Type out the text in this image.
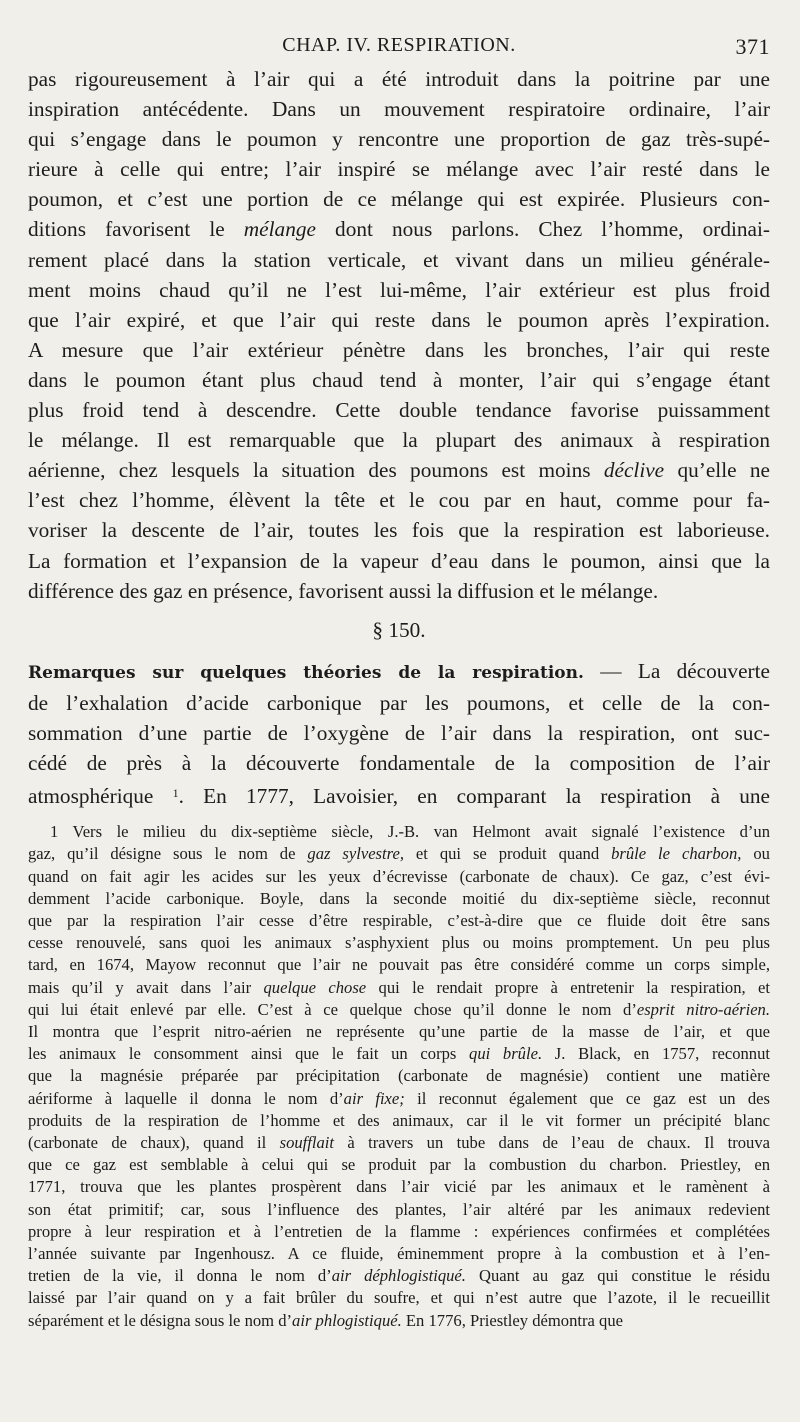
CHAP. IV. RESPIRATION.	371
pas rigoureusement à l’air qui a été introduit dans la poitrine par une
inspiration antécédente. Dans un mouvement respiratoire ordinaire, l’air
qui s’engage dans le poumon y rencontre une proportion de gaz très-supé-
rieure à celle qui entre; l’air inspiré se mélange avec l’air resté dans le
poumon, et c’est une portion de ce mélange qui est expirée. Plusieurs con-
ditions favorisent le mélange dont nous parlons. Chez l’homme, ordinai-
rement placé dans la station verticale, et vivant dans un milieu générale-
ment moins chaud qu’il ne l’est lui-même, l’air extérieur est plus froid
que l’air expiré, et que l’air qui reste dans le poumon après l’expiration.
A mesure que l’air extérieur pénètre dans les bronches, l’air qui reste
dans le poumon étant plus chaud tend à monter, l’air qui s’engage étant
plus froid tend à descendre. Cette double tendance favorise puissamment
le mélange. Il est remarquable que la plupart des animaux à respiration
aérienne, chez lesquels la situation des poumons est moins déclive qu’elle ne
l’est chez l’homme, élèvent la tête et le cou par en haut, comme pour fa-
voriser la descente de l’air, toutes les fois que la respiration est laborieuse.
La formation et l’expansion de la vapeur d’eau dans le poumon, ainsi que la
différence des gaz en présence, favorisent aussi la diffusion et le mélange.
§ 150.
Remarques sur quelques théories de la respiration. — La découverte
de l’exhalation d’acide carbonique par les poumons, et celle de la con-
sommation d’une partie de l’oxygène de l’air dans la respiration, ont suc-
cédé de près à la découverte fondamentale de la composition de l’air
atmosphérique $^1$. En 1777, Lavoisier, en comparant la respiration à une
1 Vers le milieu du dix-septième siècle, J.-B. van Helmont avait signalé l’existence d’un
gaz, qu’il désigne sous le nom de gaz sylvestre, et qui se produit quand brûle le charbon, ou
quand on fait agir les acides sur les yeux d’écrevisse (carbonate de chaux). Ce gaz, c’est évi-
demment l’acide carbonique. Boyle, dans la seconde moitié du dix-septième siècle, reconnut
que par la respiration l’air cesse d’être respirable, c’est-à-dire que ce fluide doit être sans
cesse renouvelé, sans quoi les animaux s’asphyxient plus ou moins promptement. Un peu plus
tard, en 1674, Mayow reconnut que l’air ne pouvait pas être considéré comme un corps simple,
mais qu’il y avait dans l’air quelque chose qui le rendait propre à entretenir la respiration, et
qui lui était enlevé par elle. C’est à ce quelque chose qu’il donne le nom d’esprit nitro-aérien.
Il montra que l’esprit nitro-aérien ne représente qu’une partie de la masse de l’air, et que
les animaux le consomment ainsi que le fait un corps qui brûle. J. Black, en 1757, reconnut
que la magnésie préparée par précipitation (carbonate de magnésie) contient une matière
aériforme à laquelle il donna le nom d’air fixe; il reconnut également que ce gaz est un des
produits de la respiration de l’homme et des animaux, car il le vit former un précipité blanc
(carbonate de chaux), quand il soufflait à travers un tube dans de l’eau de chaux. Il trouva
que ce gaz est semblable à celui qui se produit par la combustion du charbon. Priestley, en
1771, trouva que les plantes prospèrent dans l’air vicié par les animaux et le ramènent à
son état primitif; car, sous l’influence des plantes, l’air altéré par les animaux redevient
propre à leur respiration et à l’entretien de la flamme : expériences confirmées et complétées
l’année suivante par Ingenhousz. A ce fluide, éminemment propre à la combustion et à l’en-
tretien de la vie, il donna le nom d’air déphlogistiqué. Quant au gaz qui constitue le résidu
laissé par l’air quand on y a fait brûler du soufre, et qui n’est autre que l’azote, il le recueillit
séparément et le désigna sous le nom d’air phlogistiqué. En 1776, Priestley démontra que
